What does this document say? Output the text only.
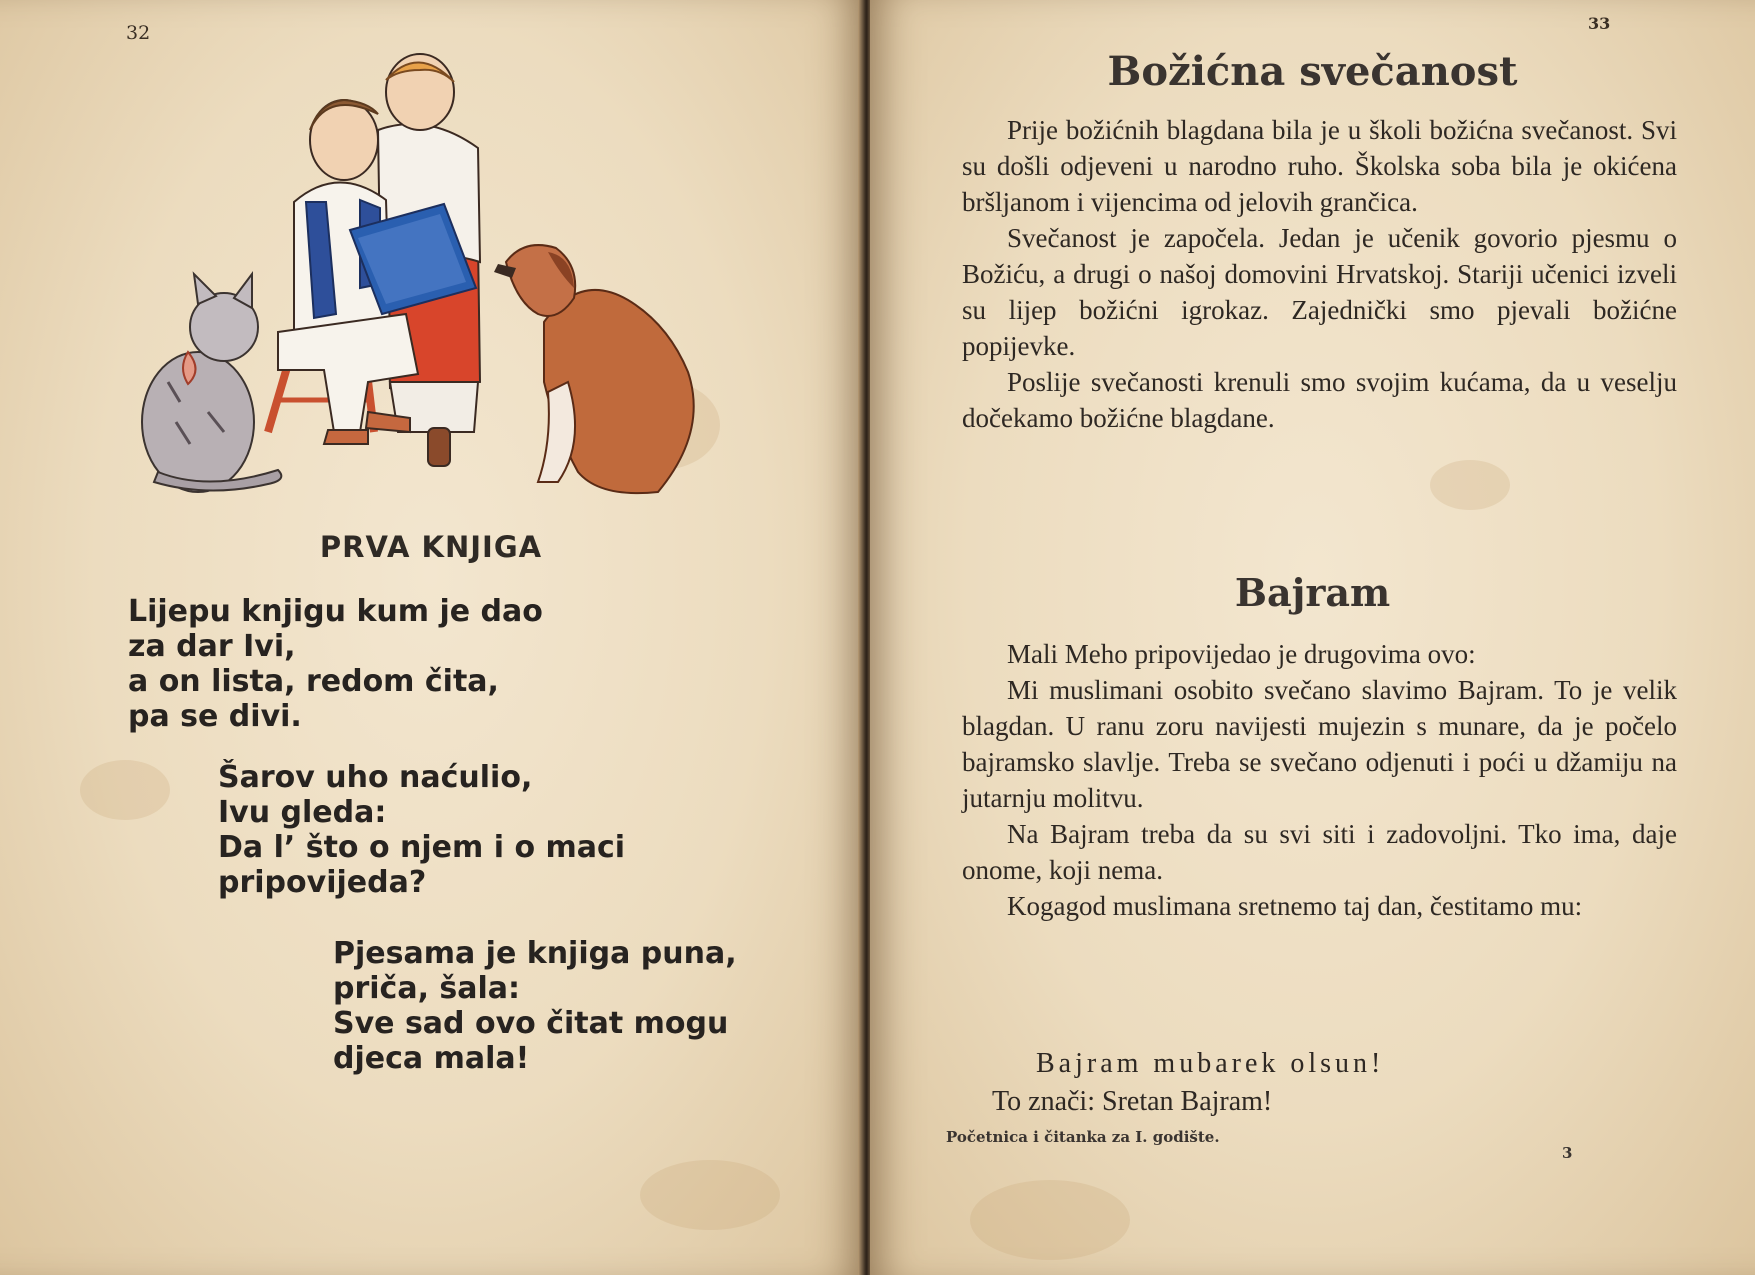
32
PRVA KNJIGA
Lijepu knjigu kum je dao
za dar Ivi,
a on lista, redom čita,
pa se divi.
Šarov uho naćulio,
Ivu gleda:
Da l’ što o njem i o maci
pripovijeda?
Pjesama je knjiga puna,
priča, šala:
Sve sad ovo čitat mogu
djeca mala!
33
Božićna svečanost

Prije božićnih blagdana bila je u školi božićna svečanost. Svi su došli odjeveni u narodno ruho. Školska soba bila je okićena bršljanom i vijencima od jelovih grančica.

Svečanost je započela. Jedan je učenik govorio pjesmu o Božiću, a drugi o našoj domovini Hrvatskoj. Stariji učenici izveli su lijep božićni igrokaz. Zajednički smo pjevali božićne popijevke.

Poslije svečanosti krenuli smo svojim kućama, da u veselju dočekamo božićne blagdane.

Bajram

Mali Meho pripovijedao je drugovima ovo:

Mi muslimani osobito svečano slavimo Bajram. To je velik blagdan. U ranu zoru navijesti mujezin s munare, da je počelo bajramsko slavlje. Treba se svečano odjenuti i poći u džamiju na jutarnju molitvu.

Na Bajram treba da su svi siti i zadovoljni. Tko ima, daje onome, koji nema.

Kogagod muslimana sretnemo taj dan, čestitamo mu:

Bajram mubarek olsun!
To znači: Sretan Bajram!
Početnica i čitanka za I. godište.
3
